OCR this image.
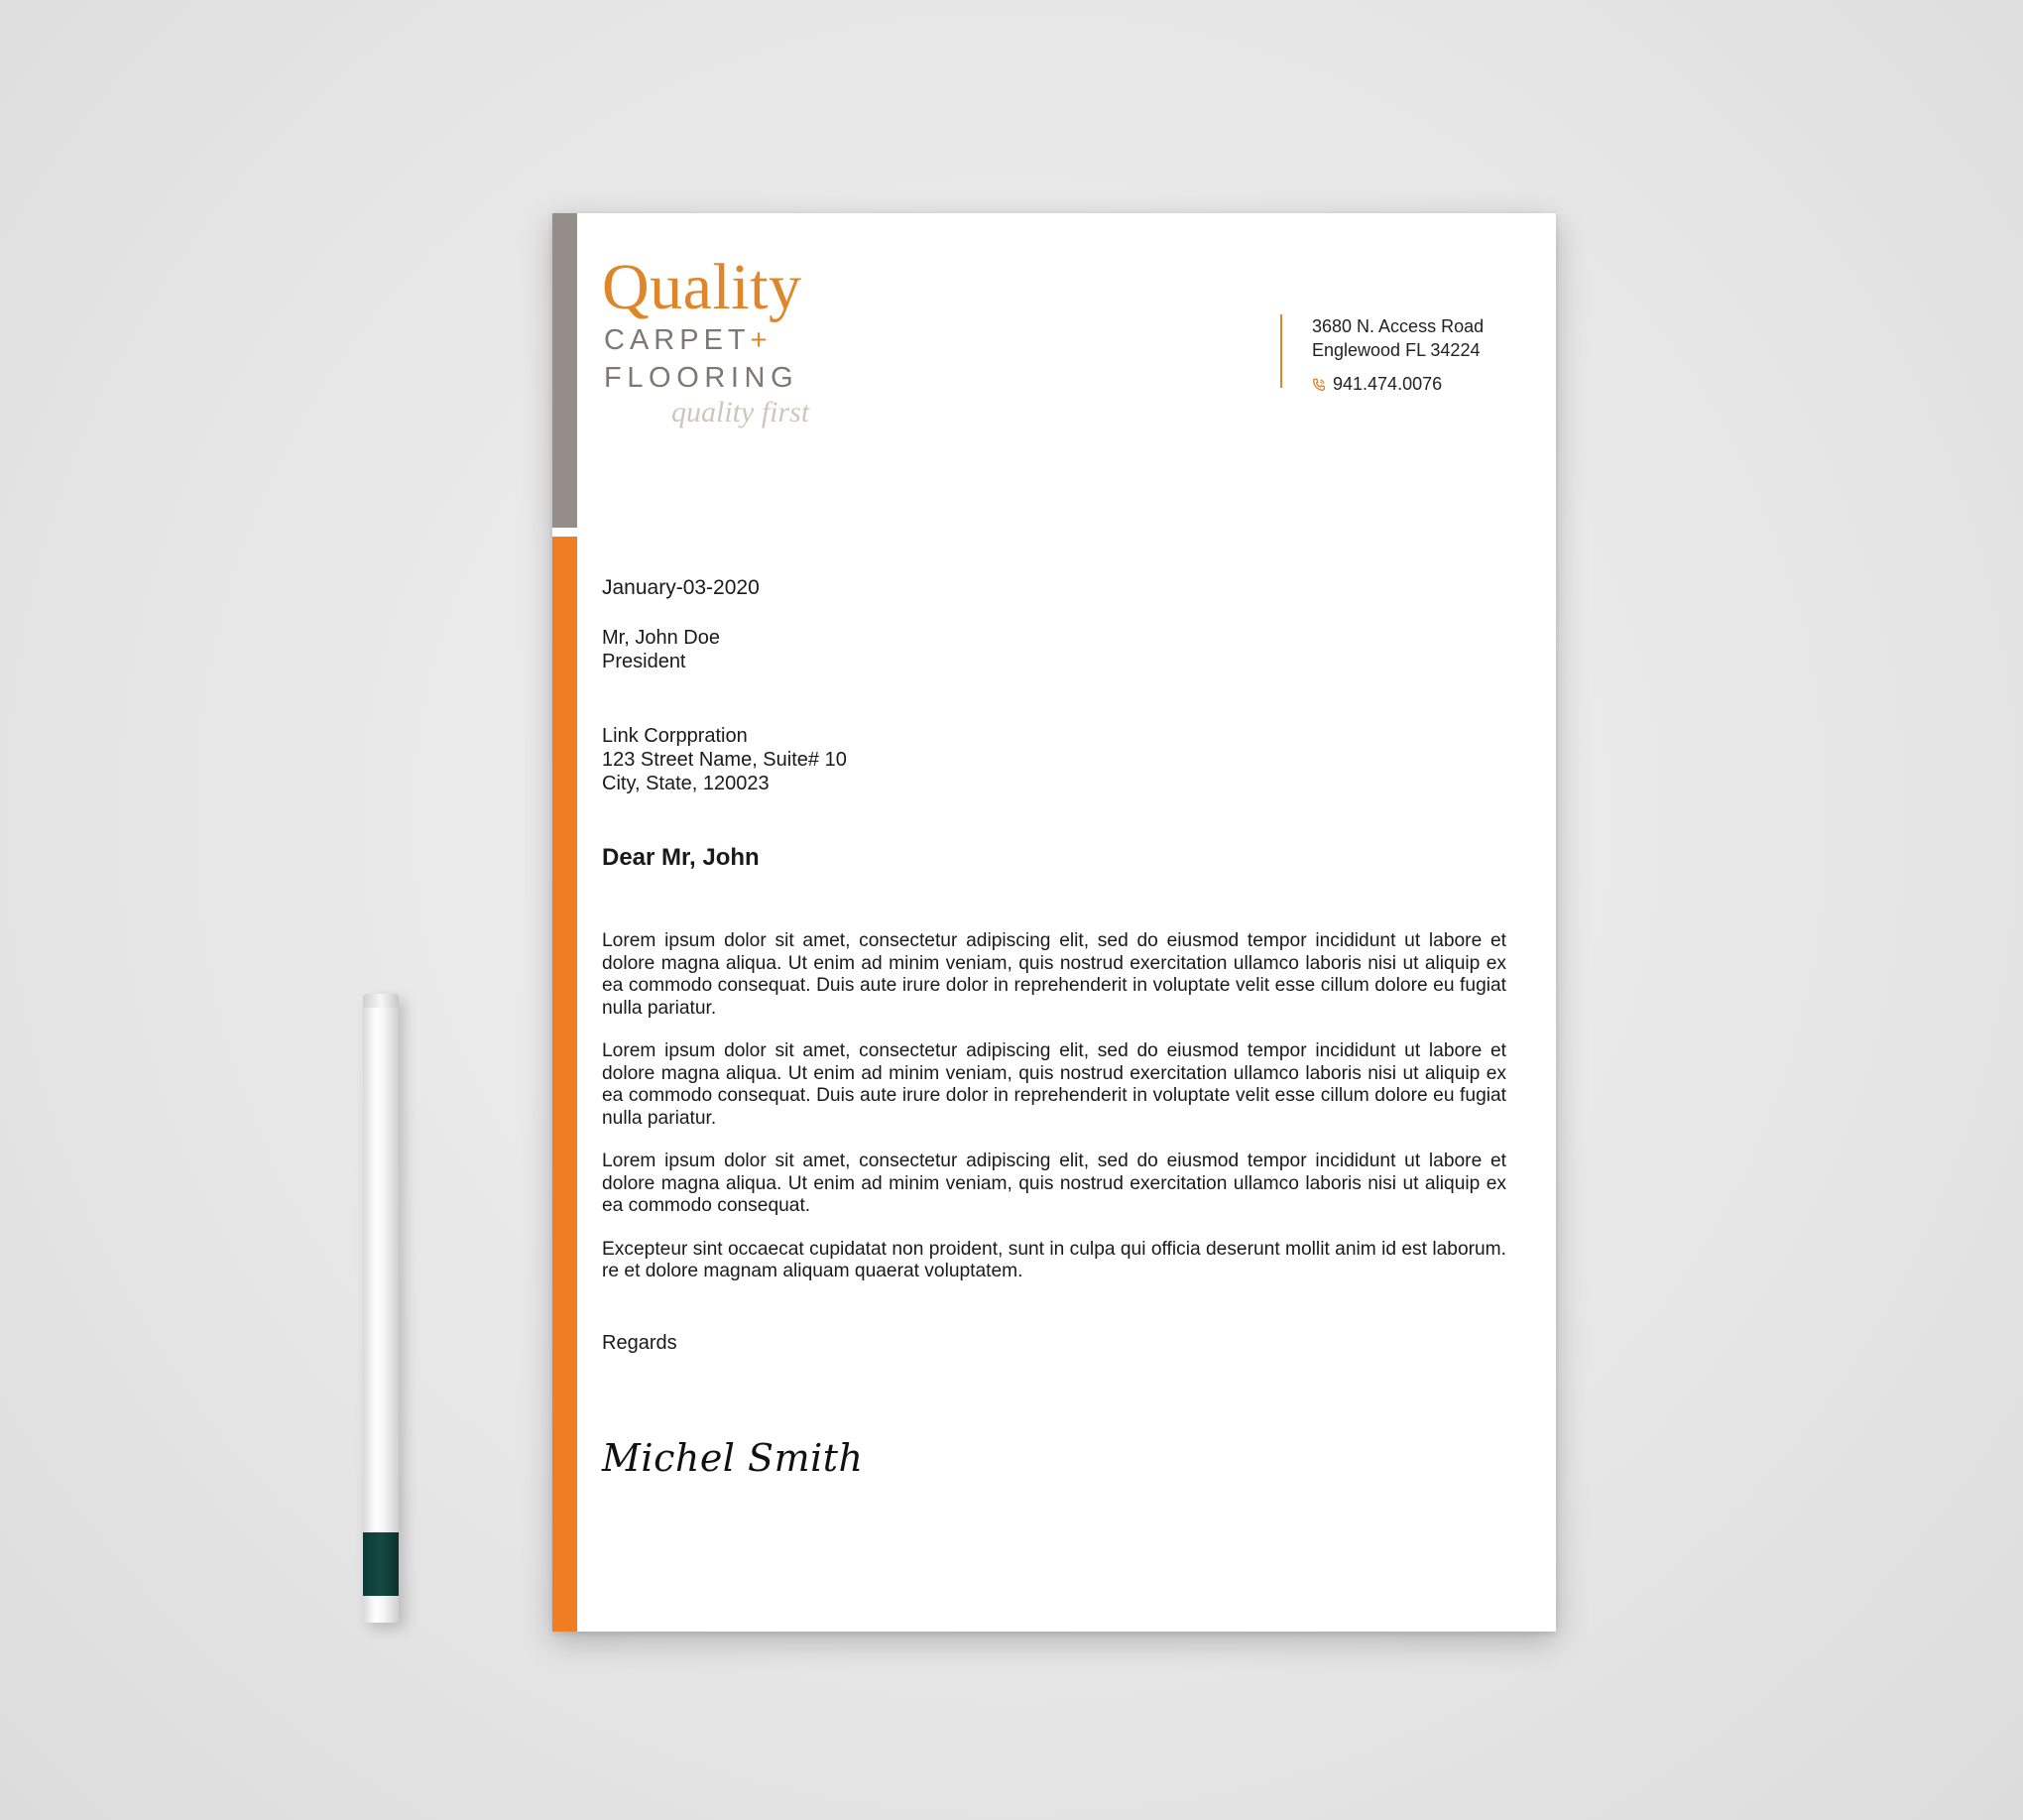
Quality
CARPET+
FLOORING
quality first
3680 N. Access Road
Englewood FL 34224
941.474.0076
January-03-2020
Mr, John Doe
President
Link Corppration
123 Street Name, Suite# 10
City, State, 120023
Dear Mr, John

Lorem ipsum dolor sit amet, consectetur adipiscing elit, sed do eiusmod tempor incididunt ut labore et dolore magna aliqua. Ut enim ad minim veniam, quis nostrud exercitation ullamco laboris nisi ut aliquip ex ea commodo consequat. Duis aute irure dolor in reprehenderit in voluptate velit esse cillum dolore eu fugiat nulla pariatur.

Lorem ipsum dolor sit amet, consectetur adipiscing elit, sed do eiusmod tempor incididunt ut labore et dolore magna aliqua. Ut enim ad minim veniam, quis nostrud exercitation ullamco laboris nisi ut aliquip ex ea commodo consequat. Duis aute irure dolor in reprehenderit in voluptate velit esse cillum dolore eu fugiat nulla pariatur.

Lorem ipsum dolor sit amet, consectetur adipiscing elit, sed do eiusmod tempor incididunt ut labore et dolore magna aliqua. Ut enim ad minim veniam, quis nostrud exercitation ullamco laboris nisi ut aliquip ex ea commodo consequat.

Excepteur sint occaecat cupidatat non proident, sunt in culpa qui officia deserunt mollit anim id est laborum. re et dolore magnam aliquam quaerat voluptatem.

Regards
Michel Smith
